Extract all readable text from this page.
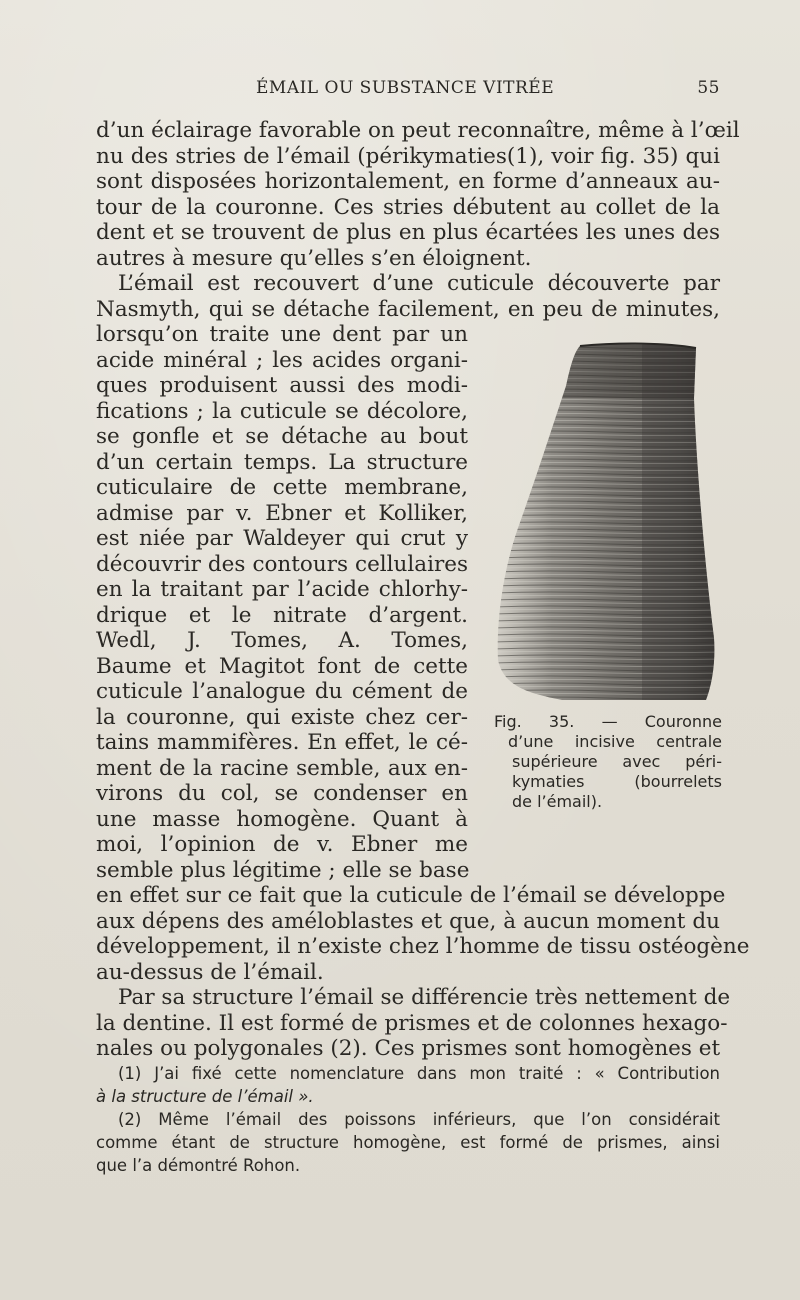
ÉMAIL OU SUBSTANCE VITRÉE	55
d’un éclairage favorable on peut reconnaître, même à l’œil
nu des stries de l’émail (périkymaties(1), voir fig. 35) qui
sont disposées horizontalement, en forme d’anneaux au-
tour de la couronne. Ces stries débutent au collet de la
dent et se trouvent de plus en plus écartées les unes des
autres à mesure qu’elles s’en éloignent.
L’émail est recouvert d’une cuticule découverte par
Nasmyth, qui se détache facilement, en peu de minutes,
lorsqu’on traite une dent par un
acide minéral ; les acides organi-
ques produisent aussi des modi-
fications ; la cuticule se décolore,
se gonfle et se détache au bout
d’un certain temps. La structure
cuticulaire de cette membrane,
admise par v. Ebner et Kolliker,
est niée par Waldeyer qui crut y
découvrir des contours cellulaires
en la traitant par l’acide chlorhy-
drique et le nitrate d’argent.
Wedl, J. Tomes, A. Tomes,
Baume et Magitot font de cette
cuticule l’analogue du cément de
la couronne, qui existe chez cer-
tains mammifères. En effet, le cé-
ment de la racine semble, aux en-
virons du col, se condenser en
une masse homogène. Quant à
moi, l’opinion de v. Ebner me
semble plus légitime ; elle se base
en effet sur ce fait que la cuticule de l’émail se développe
aux dépens des améloblastes et que, à aucun moment du
développement, il n’existe chez l’homme de tissu ostéogène
au-dessus de l’émail.
Par sa structure l’émail se différencie très nettement de
la dentine. Il est formé de prismes et de colonnes hexago-
nales ou polygonales (2). Ces prismes sont homogènes et
Fig. 35. — Couronne
d’une incisive centrale
supérieure avec péri-
kymaties (bourrelets
de l’émail).
(1) J’ai fixé cette nomenclature dans mon traité : « Contribution
à la structure de l’émail ».
(2) Même l’émail des poissons inférieurs, que l’on considérait
comme étant de structure homogène, est formé de prismes, ainsi
que l’a démontré Rohon.
